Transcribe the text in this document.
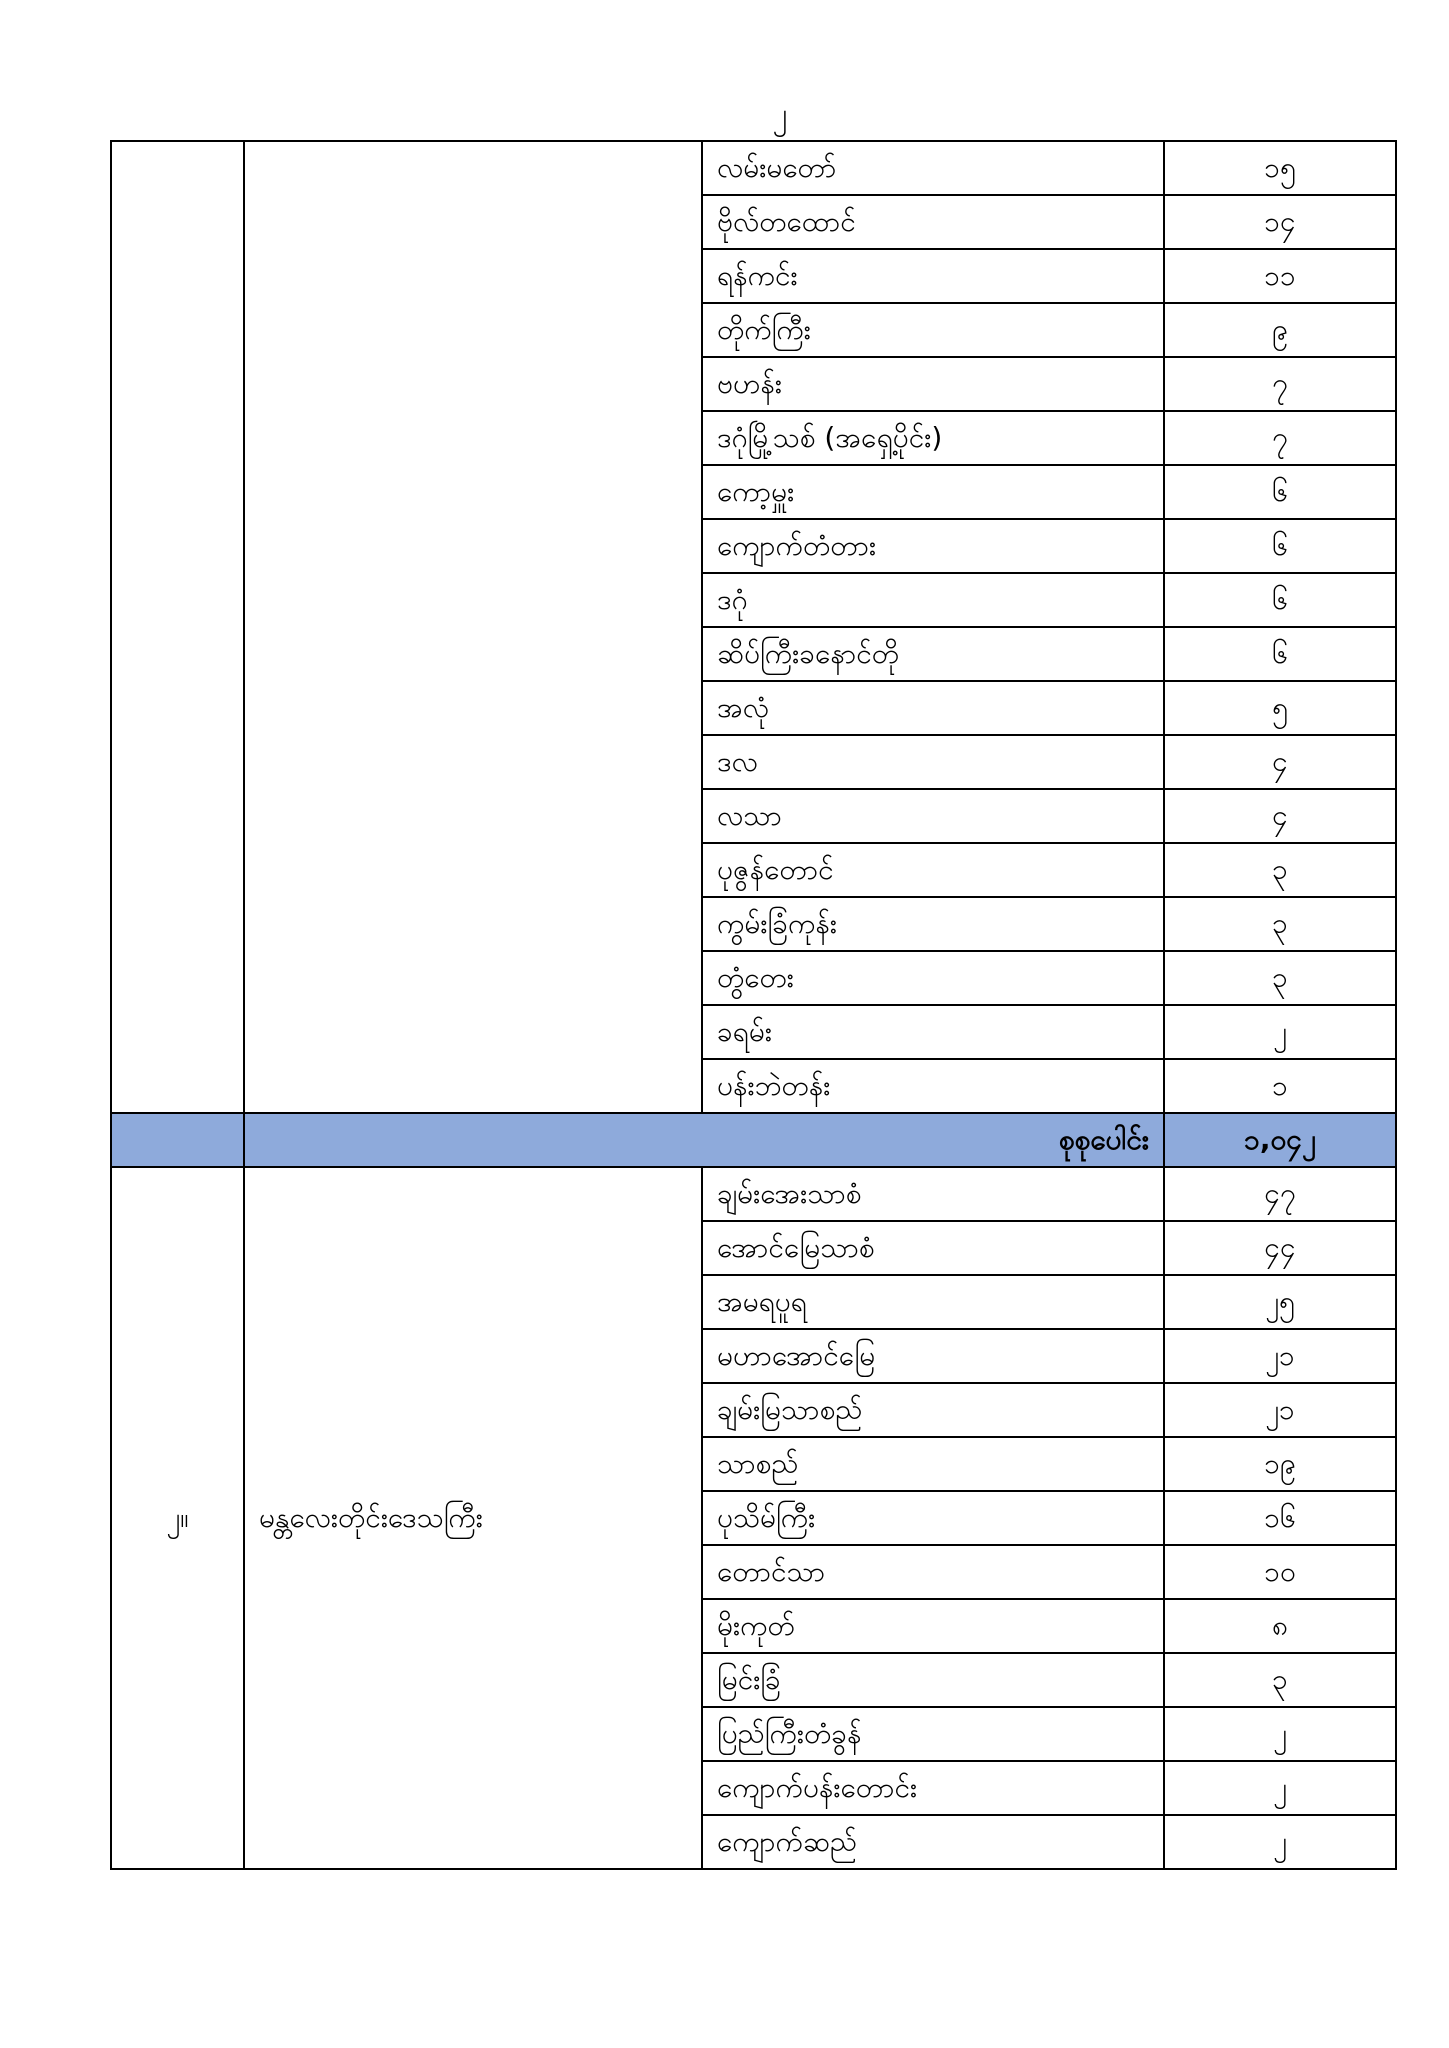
၂
		လမ်းမတော်	၁၅
		ဗိုလ်တထောင်	၁၄
		ရန်ကင်း	၁၁
		တိုက်ကြီး	၉
		ဗဟန်း	၇
		ဒဂုံမြို့သစ် (အရှေ့ပိုင်း)	၇
		ကော့မှူး	၆
		ကျောက်တံတား	၆
		ဒဂုံ	၆
		ဆိပ်ကြီးခနောင်တို	၆
		အလုံ	၅
		ဒလ	၄
		လသာ	၄
		ပုဇွန်တောင်	၃
		ကွမ်းခြံကုန်း	၃
		တွံတေး	၃
		ခရမ်း	၂
		ပန်းဘဲတန်း	၁
	စုစုပေါင်း		၁,၀၄၂
၂။	မန္တလေးတိုင်းဒေသကြီး	ချမ်းအေးသာစံ	၄၇
		အောင်မြေသာစံ	၄၄
		အမရပူရ	၂၅
		မဟာအောင်မြေ	၂၁
		ချမ်းမြသာစည်	၂၁
		သာစည်	၁၉
		ပုသိမ်ကြီး	၁၆
		တောင်သာ	၁၀
		မိုးကုတ်	၈
		မြင်းခြံ	၃
		ပြည်ကြီးတံခွန်	၂
		ကျောက်ပန်းတောင်း	၂
		ကျောက်ဆည်	၂
